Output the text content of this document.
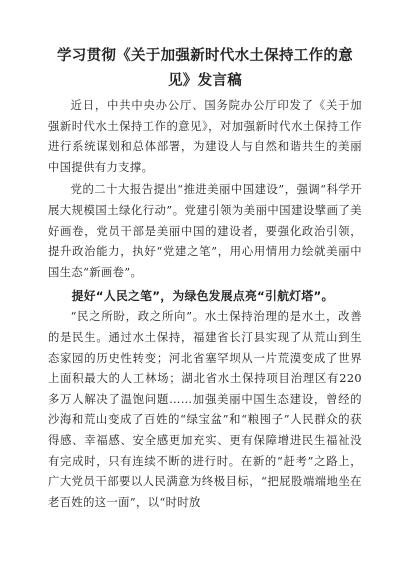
学习贯彻《关于加强新时代水土保持工作的意见》发言稿

近日，中共中央办公厅、国务院办公厅印发了《关于加强新时代水土保持工作的意见》，对加强新时代水土保持工作进行系统谋划和总体部署，为建设人与自然和谐共生的美丽中国提供有力支撑。

党的二十大报告提出“推进美丽中国建设”，强调“科学开展大规模国土绿化行动”。党建引领为美丽中国建设擘画了美好画卷，党员干部是美丽中国的建设者，要强化政治引领，提升政治能力，执好“党建之笔”，用心用情用力绘就美丽中国生态“新画卷”。

提好“人民之笔”，为绿色发展点亮“引航灯塔”。

“民之所盼，政之所向”。水土保持治理的是水土，改善的是民生。通过水土保持，福建省长汀县实现了从荒山到生态家园的历史性转变；河北省塞罕坝从一片荒漠变成了世界上面积最大的人工林场；湖北省水土保持项目治理区有220多万人解决了温饱问题……加强美丽中国生态建设，曾经的沙海和荒山变成了百姓的“绿宝盆”和“粮囤子”人民群众的获得感、幸福感、安全感更加充实、更有保障增进民生福祉没有完成时，只有连续不断的进行时。在新的“赶考”之路上，广大党员干部要以人民满意为终极目标，“把屁股端端地坐在老百姓的这一面”，以“时时放
